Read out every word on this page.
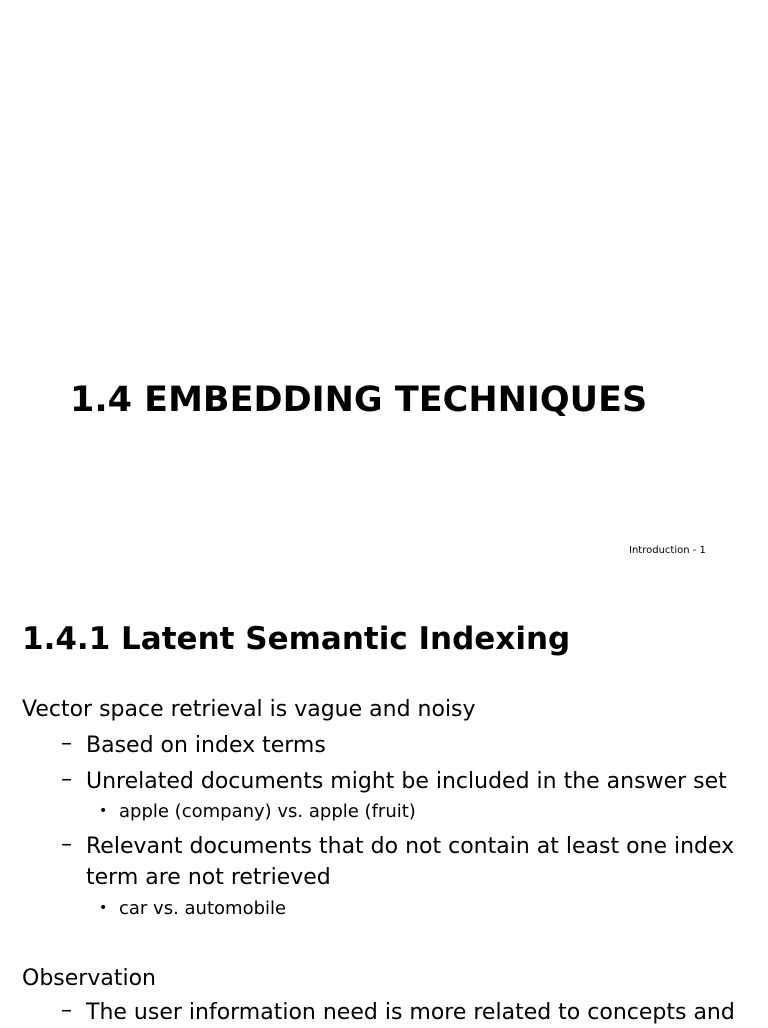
1.4 EMBEDDING TECHNIQUES
Introduction - 1
1.4.1 Latent Semantic Indexing
Vector space retrieval is vague and noisy
– Based on index terms
– Unrelated documents might be included in the answer set
• apple (company) vs. apple (fruit)
– Relevant documents that do not contain at least one index
term are not retrieved
• car vs. automobile
Observation
– The user information need is more related to concepts and
